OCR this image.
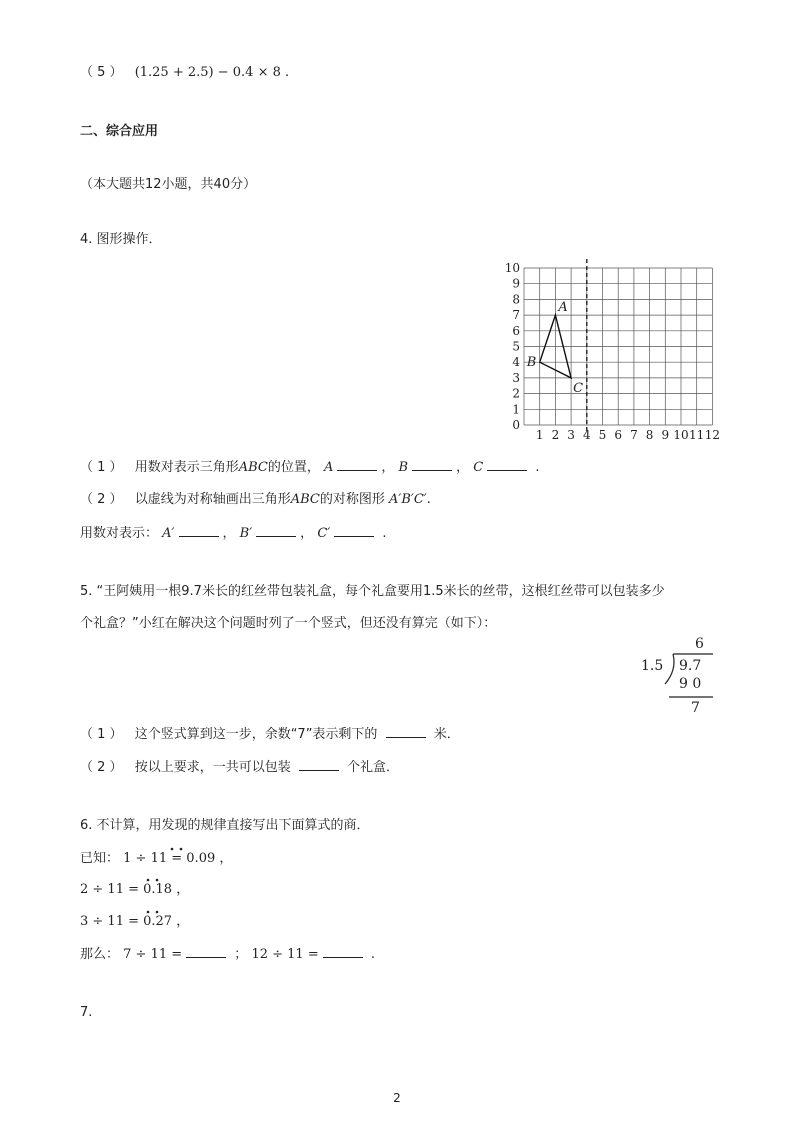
（ 5 ） (1.25 + 2.5) − 0.4 × 8 .
二、综合应用
（本大题共12小题，共40分）
4. 图形操作．
1 2 3 4 5 6 7 8 9 10 11 12
0
1
2
3
4
5
6
7
8
9
10
A
B
C
（ 1 ） 用数对表示三角形ABC的位置， A	， B	， C	.
（ 2 ） 以虚线为对称轴画出三角形ABC的对称图形 A′B′C′.
用数对表示： A′	， B′	， C′	.
5. “王阿姨用一根9.7米长的红丝带包装礼盒，每个礼盒要用1.5米长的丝带，这根红丝带可以包装多少
个礼盒？”小红在解决这个问题时列了一个竖式，但还没有算完（如下）：
6
1.5 9.7
9 0
7
（ 1 ） 这个竖式算到这一步，余数“7”表示剩下的	米．
（ 2 ） 按以上要求，一共可以包装	个礼盒．
6. 不计算，用发现的规律直接写出下面算式的商．
已知： 1 ÷ 11 = 0.09 ，
2 ÷ 11 = 0.18 ，
3 ÷ 11 = 0.27 ，
那么： 7 ÷ 11 =	； 12 ÷ 11 =	.
7.
2
